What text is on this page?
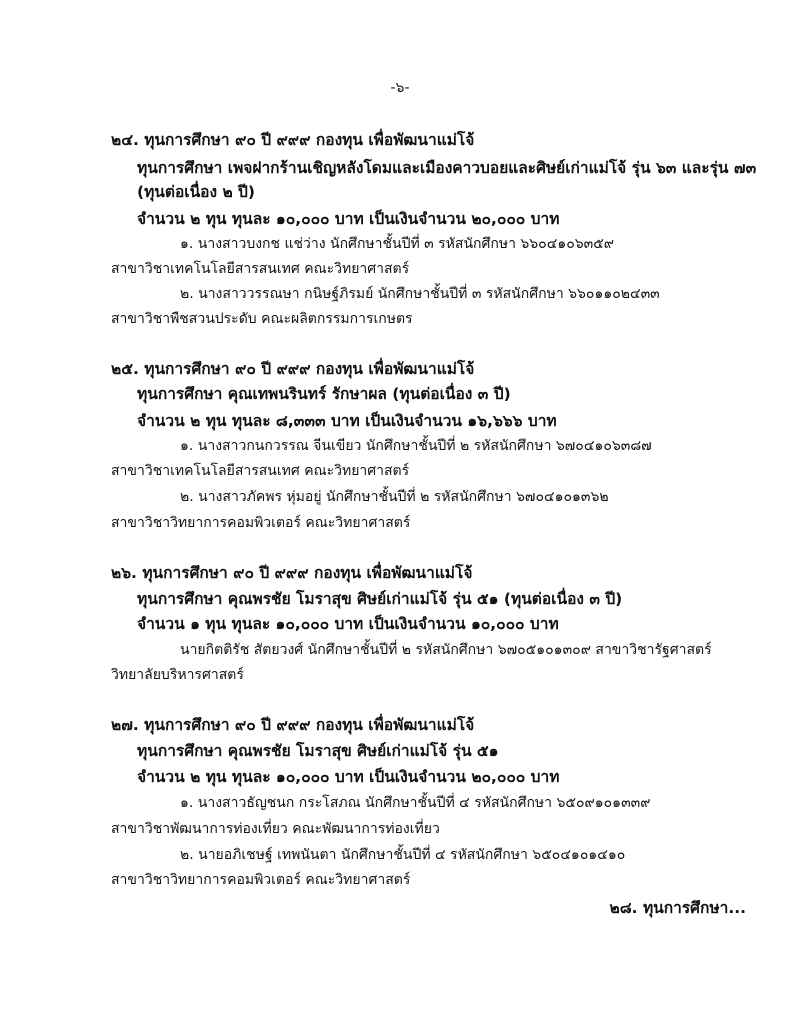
-๖-
๒๔. ทุนการศึกษา ๙๐ ปี ๙๙๙ กองทุน เพื่อพัฒนาแม่โจ้
ทุนการศึกษา เพจฝากร้านเชิญหลังโดมและเมืองคาวบอยและศิษย์เก่าแม่โจ้ รุ่น ๖๓ และรุ่น ๗๓
(ทุนต่อเนื่อง ๒ ปี)
จำนวน ๒ ทุน ทุนละ ๑๐,๐๐๐ บาท เป็นเงินจำนวน ๒๐,๐๐๐ บาท
๑. นางสาวบงกช แช่ว่าง นักศึกษาชั้นปีที่ ๓ รหัสนักศึกษา ๖๖๐๔๑๐๖๓๕๙
สาขาวิชาเทคโนโลยีสารสนเทศ คณะวิทยาศาสตร์
๒. นางสาววรรณษา กนิษฐ์ภิรมย์ นักศึกษาชั้นปีที่ ๓ รหัสนักศึกษา ๖๖๐๑๑๐๒๔๓๓
สาขาวิชาพืชสวนประดับ คณะผลิตกรรมการเกษตร
๒๕. ทุนการศึกษา ๙๐ ปี ๙๙๙ กองทุน เพื่อพัฒนาแม่โจ้
ทุนการศึกษา คุณเทพนรินทร์ รักษาผล (ทุนต่อเนื่อง ๓ ปี)
จำนวน ๒ ทุน ทุนละ ๘,๓๓๓ บาท เป็นเงินจำนวน ๑๖,๖๖๖ บาท
๑. นางสาวกนกวรรณ จีนเขียว นักศึกษาชั้นปีที่ ๒ รหัสนักศึกษา ๖๗๐๔๑๐๖๓๘๗
สาขาวิชาเทคโนโลยีสารสนเทศ คณะวิทยาศาสตร์
๒. นางสาวภัคพร หุ่มอยู่ นักศึกษาชั้นปีที่ ๒ รหัสนักศึกษา ๖๗๐๔๑๐๑๓๖๒
สาขาวิชาวิทยาการคอมพิวเตอร์ คณะวิทยาศาสตร์
๒๖. ทุนการศึกษา ๙๐ ปี ๙๙๙ กองทุน เพื่อพัฒนาแม่โจ้
ทุนการศึกษา คุณพรชัย โมราสุข ศิษย์เก่าแม่โจ้ รุ่น ๕๑ (ทุนต่อเนื่อง ๓ ปี)
จำนวน ๑ ทุน ทุนละ ๑๐,๐๐๐ บาท เป็นเงินจำนวน ๑๐,๐๐๐ บาท
นายกิตติรัช สัตยวงศ์ นักศึกษาชั้นปีที่ ๒ รหัสนักศึกษา ๖๗๐๕๑๐๑๓๐๙ สาขาวิชารัฐศาสตร์
วิทยาลัยบริหารศาสตร์
๒๗. ทุนการศึกษา ๙๐ ปี ๙๙๙ กองทุน เพื่อพัฒนาแม่โจ้
ทุนการศึกษา คุณพรชัย โมราสุข ศิษย์เก่าแม่โจ้ รุ่น ๕๑
จำนวน ๒ ทุน ทุนละ ๑๐,๐๐๐ บาท เป็นเงินจำนวน ๒๐,๐๐๐ บาท
๑. นางสาวธัญชนก กระโสภณ นักศึกษาชั้นปีที่ ๔ รหัสนักศึกษา ๖๕๐๙๑๐๑๓๓๙
สาขาวิชาพัฒนาการท่องเที่ยว คณะพัฒนาการท่องเที่ยว
๒. นายอภิเชษฐ์ เทพนันตา นักศึกษาชั้นปีที่ ๔ รหัสนักศึกษา ๖๕๐๔๑๐๑๔๑๐
สาขาวิชาวิทยาการคอมพิวเตอร์ คณะวิทยาศาสตร์
๒๘. ทุนการศึกษา...
